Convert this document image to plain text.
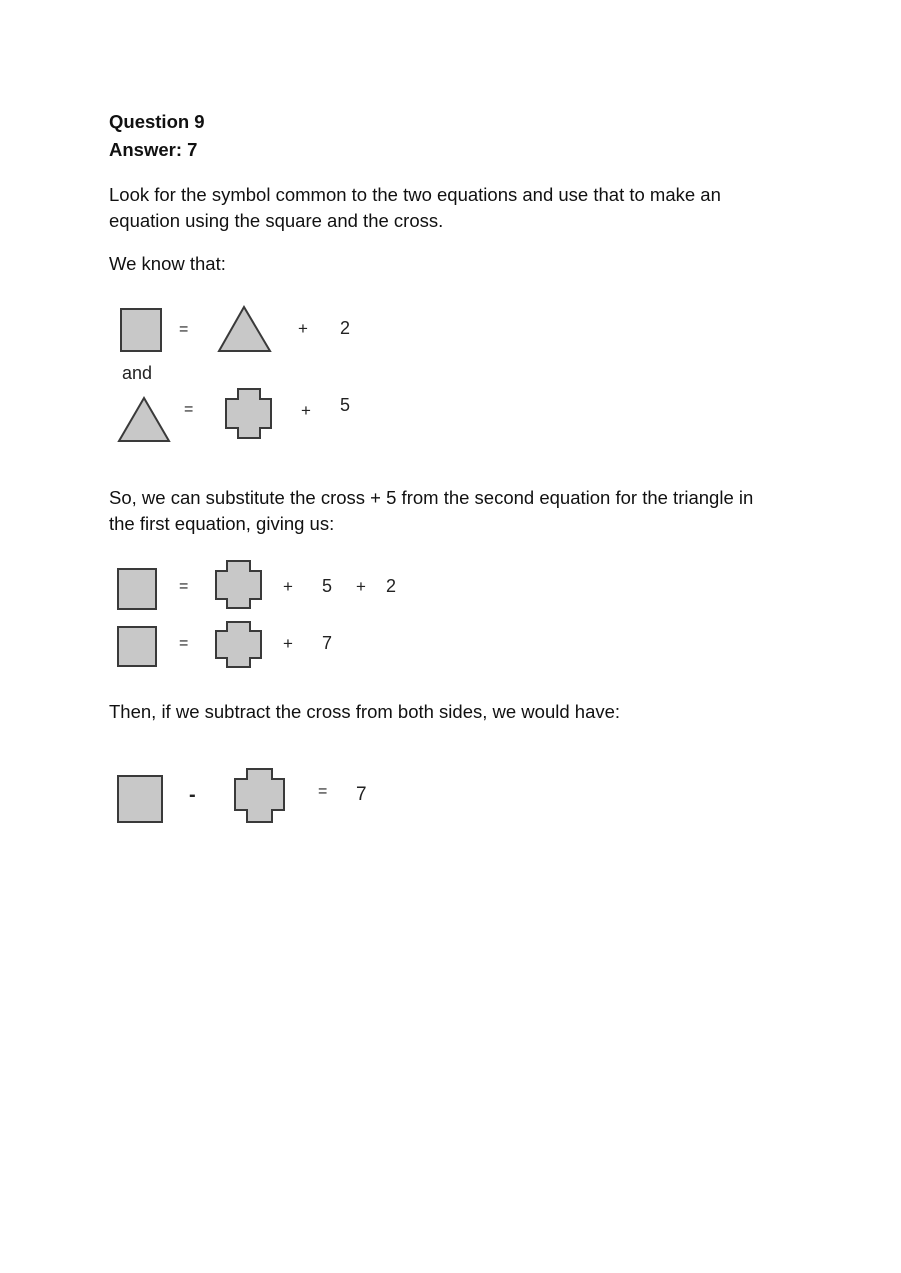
Question 9

Answer: 7

Look for the symbol common to the two equations and use that to make an

equation using the square and the cross.

We know that:

=	+ 2
and
=	+ 5

So, we can substitute the cross + 5 from the second equation for the triangle in

the first equation, giving us:

=	+ 5 + 2
=	+ 7

Then, if we subtract the cross from both sides, we would have:

-	= 7
